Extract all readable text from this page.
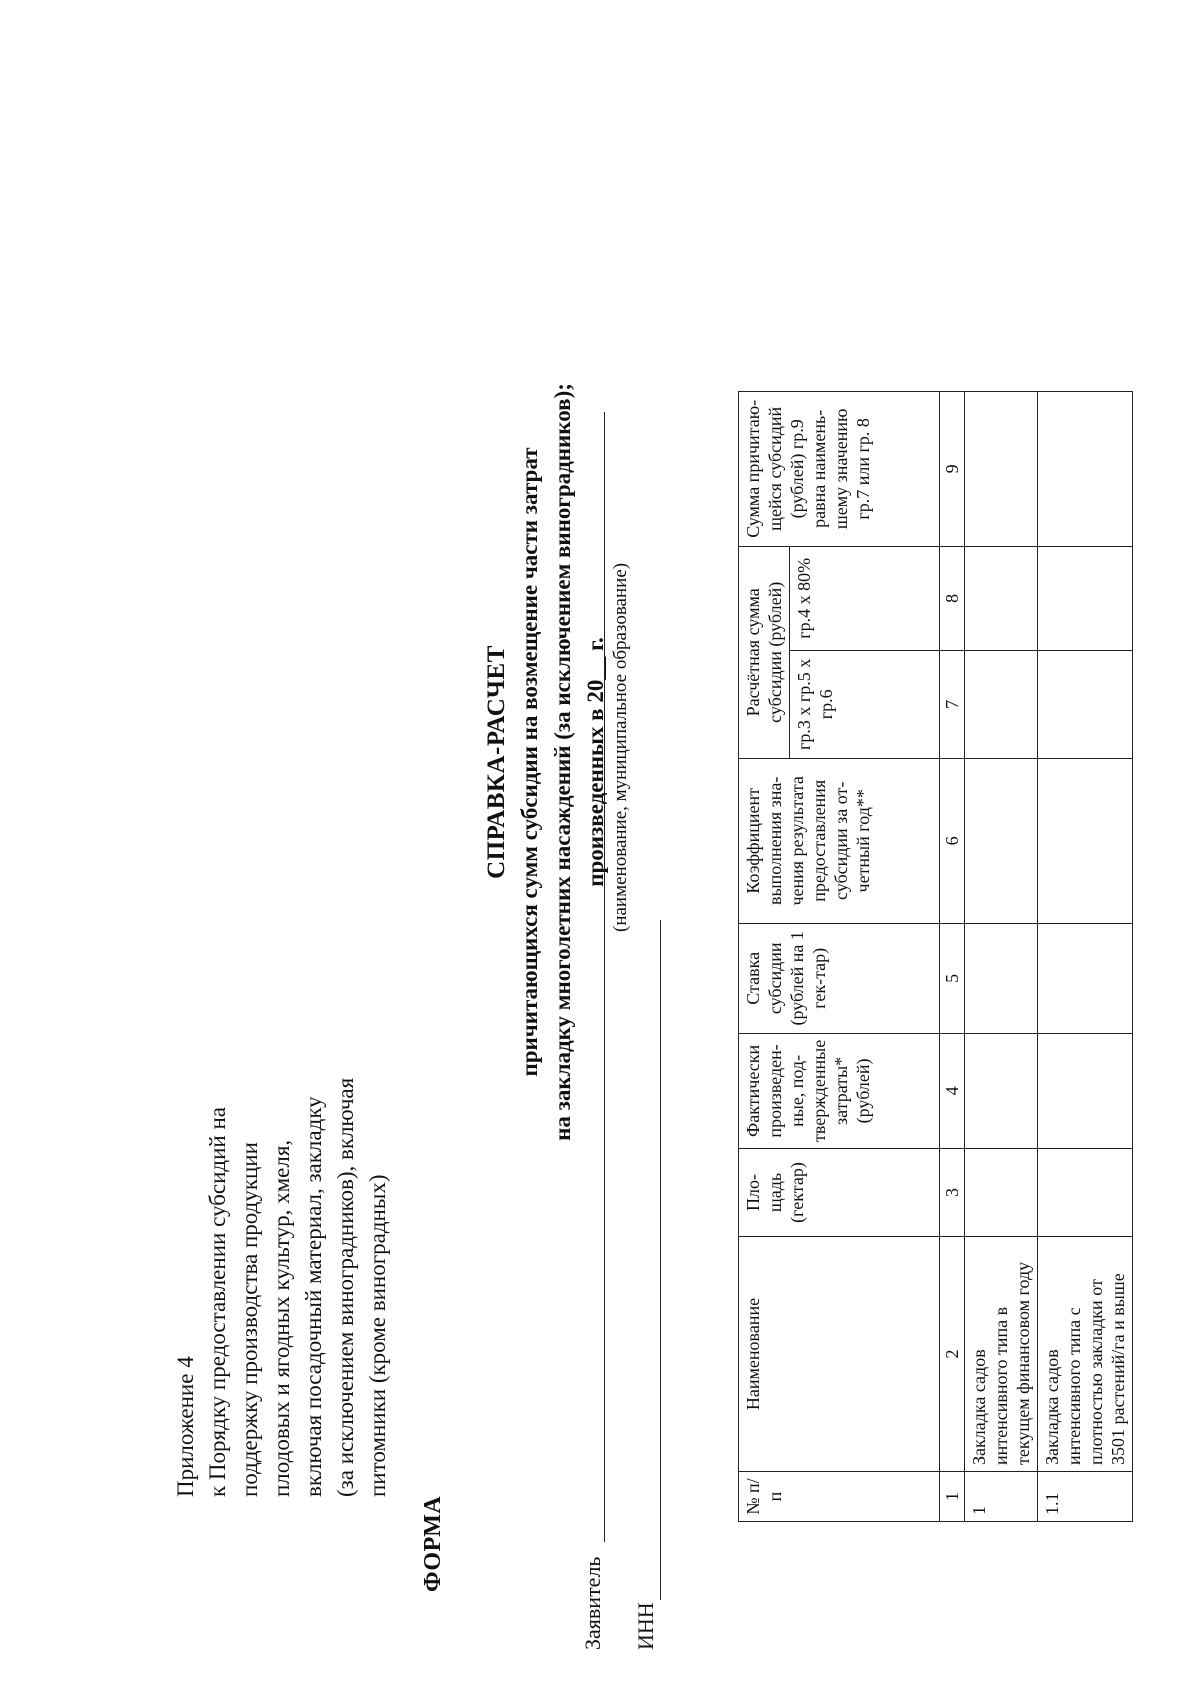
Приложение 4 к Порядку предоставлении субсидий на поддержку производства продукции плодовых и ягодных культур, хмеля, включая посадочный материал, закладку (за исключением виноградников), включая питомники (кроме виноградных)
ФОРМА
СПРАВКА-РАСЧЕТ причитающихся сумм субсидии на возмещение части затрат на закладку многолетних насаждений (за исключением виноградников); произведенных в 20__ г.
Заявитель
(наименование, муниципальное образование)
ИНН
№ п/п	Наименование	Пло-щадь (гектар)	Фактически произведен-ные, под-твержденные затраты* (рублей)	Ставка субсидии (рублей на 1 гек-тар)	Коэффициент выполнения зна-чения результата предоставления субсидии за от-четный год**	Расчётная сумма субсидии (рублей)		Сумма причитаю-щейся субсидий (рублей) гр.9 равна наимень-шему значению гр.7 или гр. 8
						гр.3 х гр.5 х гр.6	гр.4 х 80%	
1	2	3	4	5	6	7	8	9
1	Закладка садов интенсивного типа в текущем финансовом году							
1.1	Закладка садов интенсивного типа с плотностью закладки от 3501 растений/га и выше							
